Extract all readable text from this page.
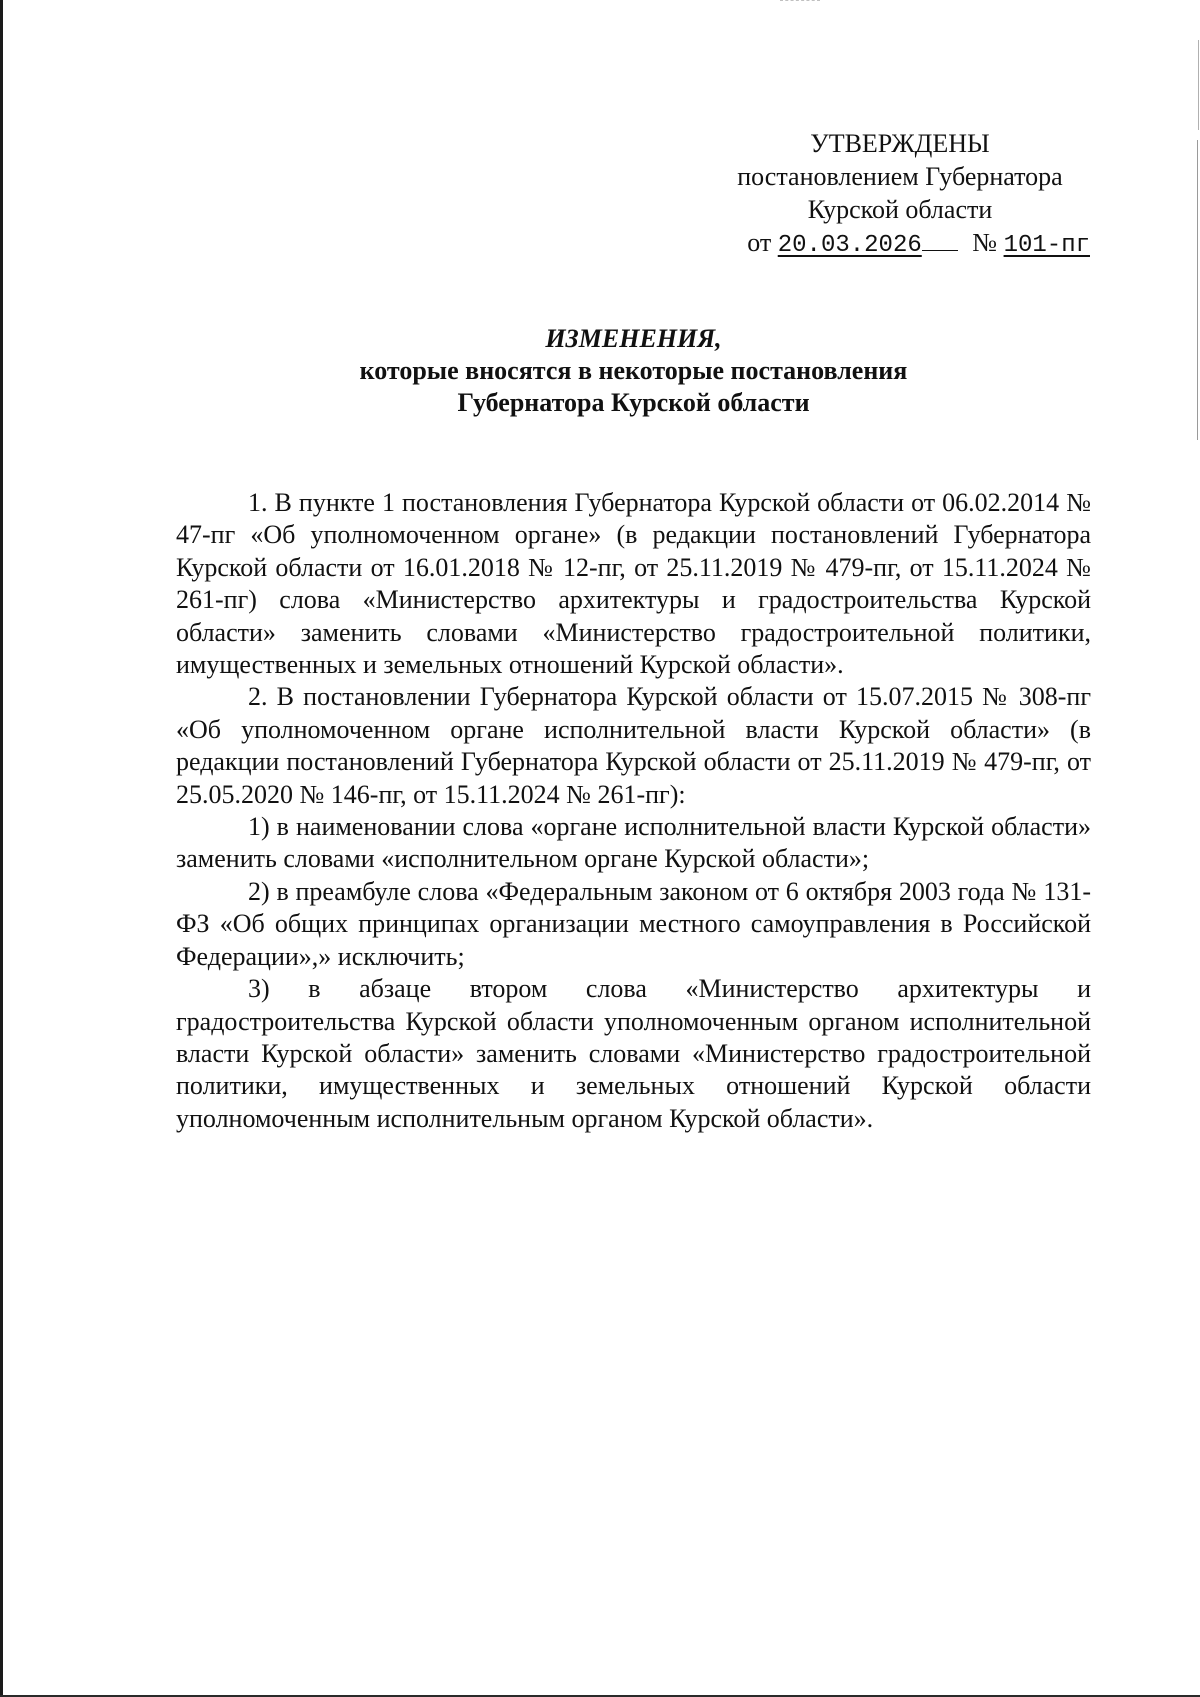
УТВЕРЖДЕНЫ
постановлением Губернатора
Курской области
от 20.03.2026 № 101-пг
ИЗМЕНЕНИЯ,
которые вносятся в некоторые постановления
Губернатора Курской области

1. В пункте 1 постановления Губернатора Курской области от 06.02.2014 № 47-пг «Об уполномоченном органе» (в редакции постановлений Губернатора Курской области от 16.01.2018 № 12-пг, от 25.11.2019 № 479-пг, от 15.11.2024 № 261-пг) слова «Министерство архитектуры и градостроительства Курской области» заменить словами «Министерство градостроительной политики, имущественных и земельных отношений Курской области».

2. В постановлении Губернатора Курской области от 15.07.2015 № 308-пг «Об уполномоченном органе исполнительной власти Курской области» (в редакции постановлений Губернатора Курской области от 25.11.2019 № 479-пг, от 25.05.2020 № 146-пг, от 15.11.2024 № 261-пг):

1) в наименовании слова «органе исполнительной власти Курской области» заменить словами «исполнительном органе Курской области»;

2) в преамбуле слова «Федеральным законом от 6 октября 2003 года № 131-ФЗ «Об общих принципах организации местного самоуправления в Российской Федерации»,» исключить;

3) в абзаце втором слова «Министерство архитектуры и градостроительства Курской области уполномоченным органом исполнительной власти Курской области» заменить словами «Министерство градостроительной политики, имущественных и земельных отношений Курской области уполномоченным исполнительным органом Курской области».
